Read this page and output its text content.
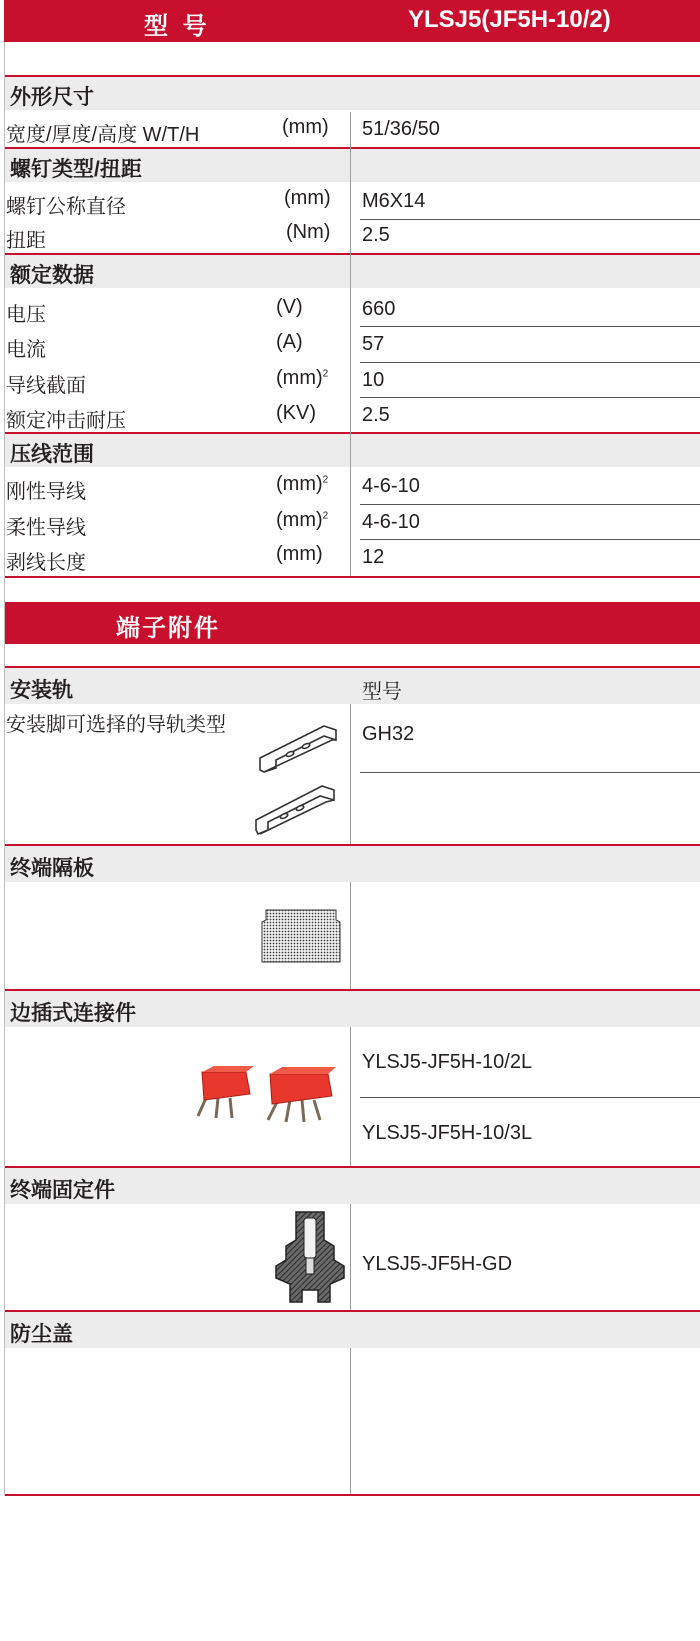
型 号	YLSJ5(JF5H-10/2)
外形尺寸
宽度/厚度/高度 W/T/H	(mm) 51/36/50
螺钉类型/扭距
螺钉公称直径	(mm) M6X14
扭距	(Nm) 2.5
额定数据
电压	(V)	660
电流	(A)	57
导线截面	(mm)$^2$ 10
额定冲击耐压	(KV) 2.5
压线范围
刚性导线	(mm)$^2$ 4-6-10
柔性导线	(mm)$^2$ 4-6-10
剥线长度	(mm) 12
端子附件
安装轨	型号
安装脚可选择的导轨类型	GH32
终端隔板
边插式连接件
YLSJ5-JF5H-10/2L
YLSJ5-JF5H-10/3L
终端固定件
YLSJ5-JF5H-GD
防尘盖
